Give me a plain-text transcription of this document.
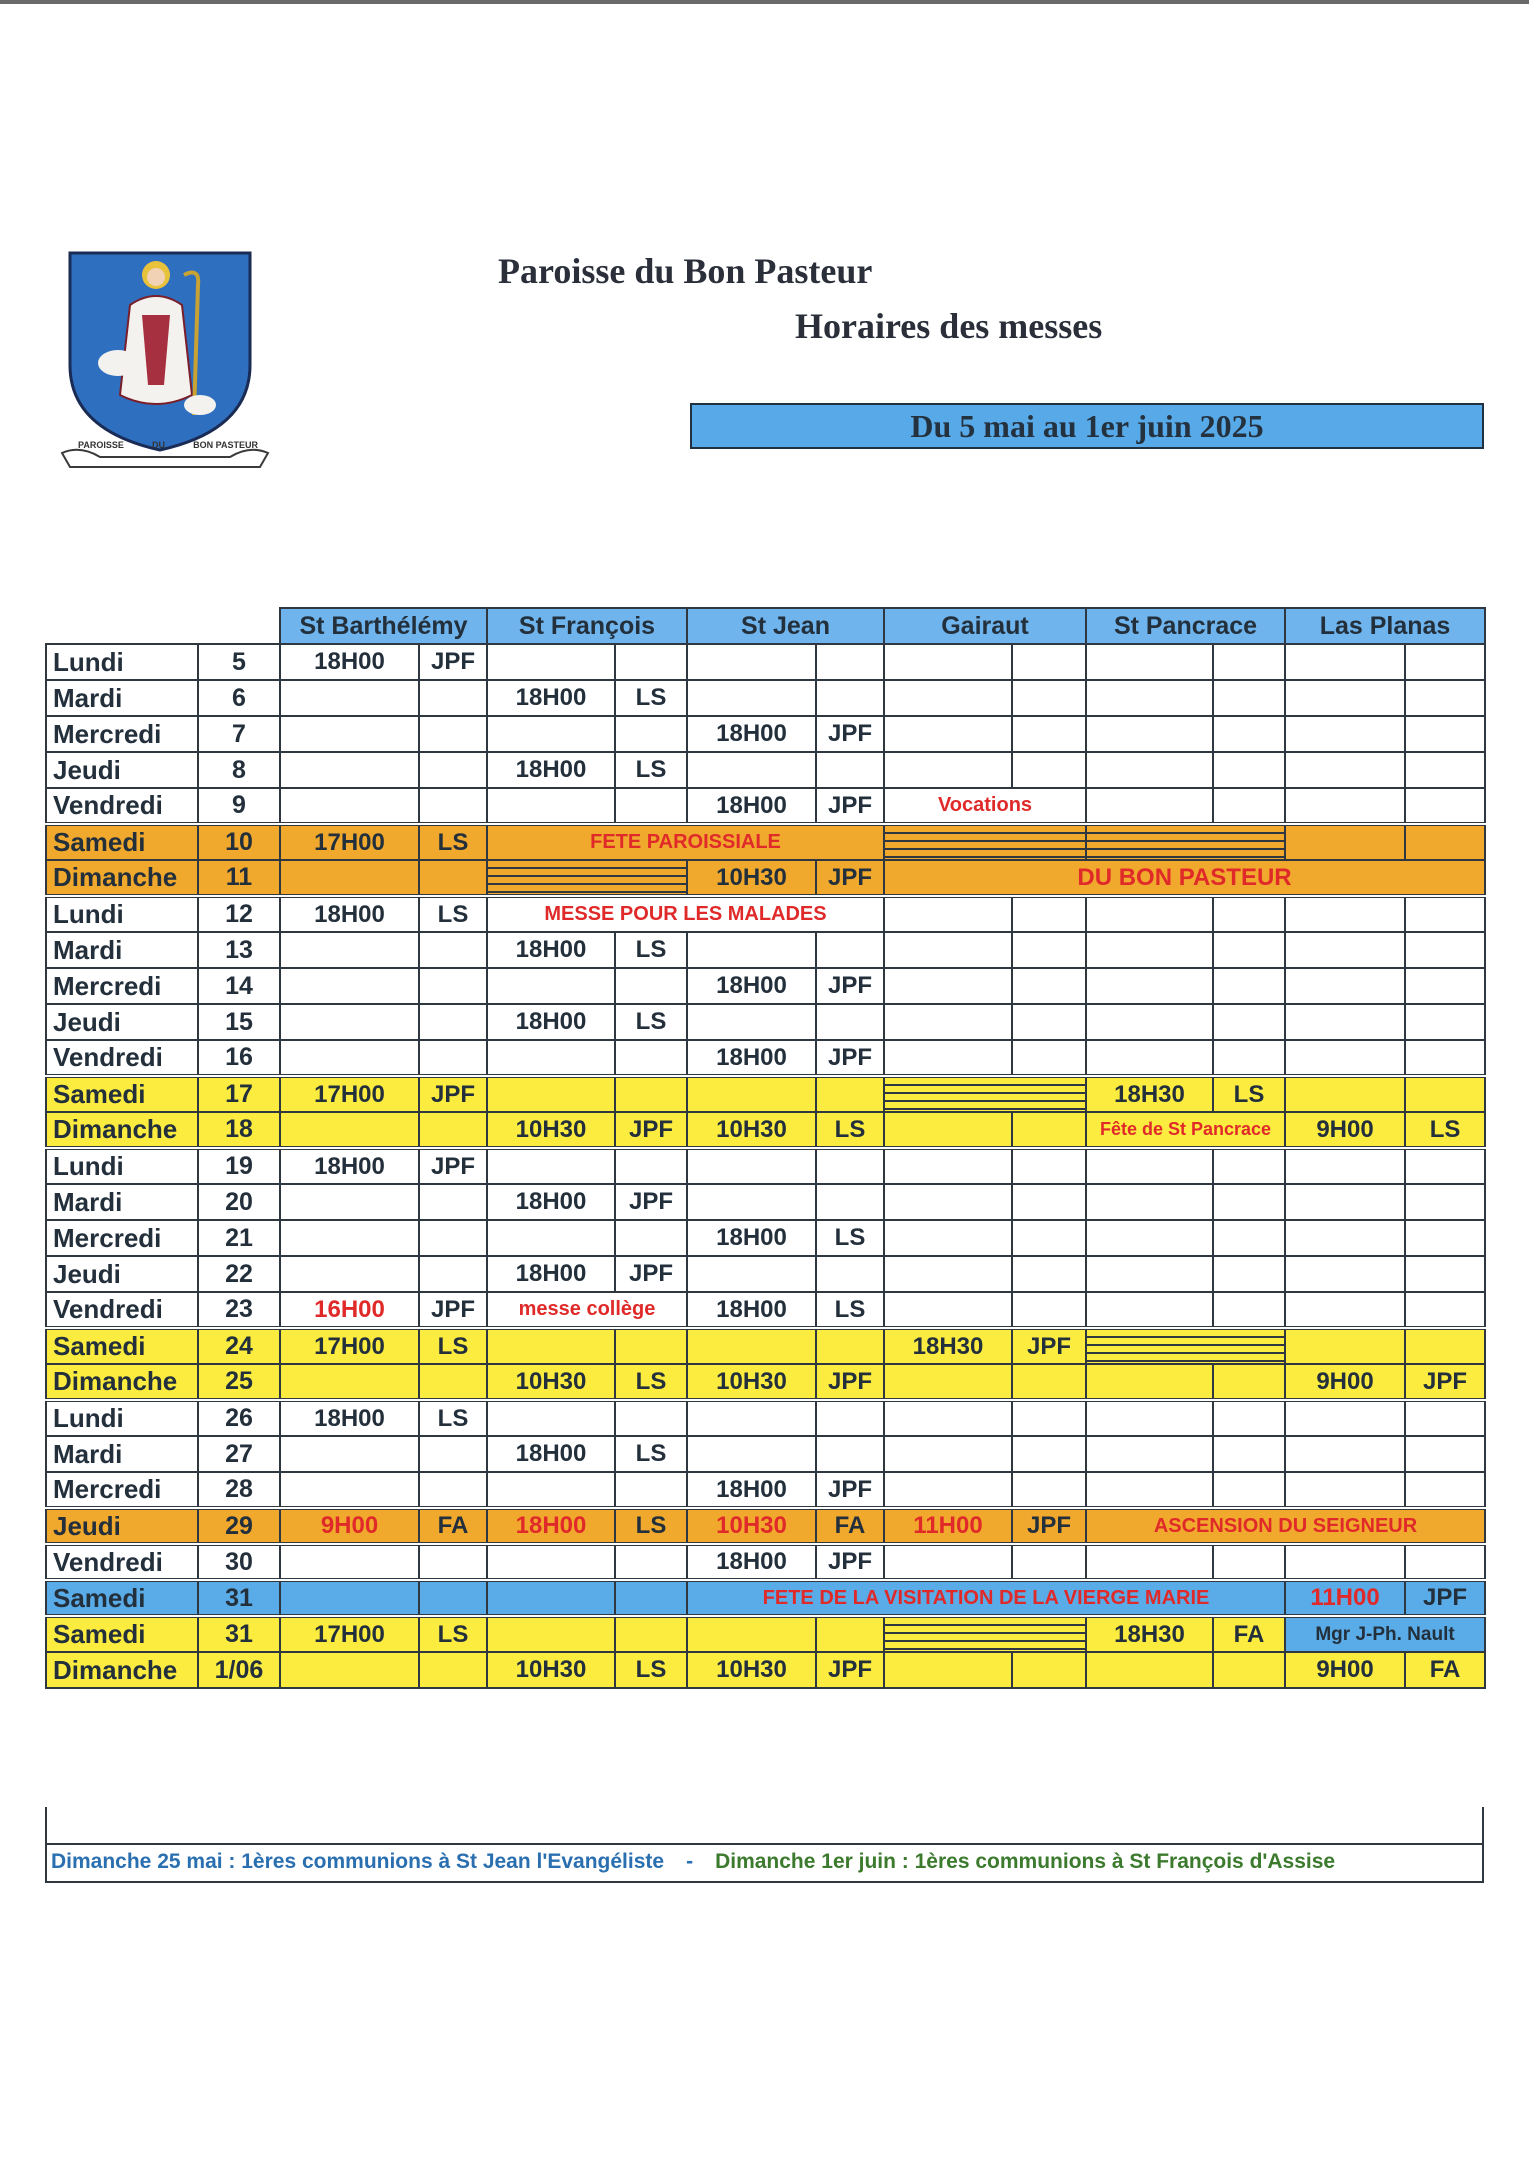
PAROISSE	DU	BON PASTEUR
Paroisse du Bon Pasteur
Horaires des messes
Du 5 mai au 1er juin 2025
		St Barthélémy		St François		St Jean		Gairaut		St Pancrace		Las Planas	
Lundi	5	18H00	JPF										
Mardi	6			18H00	LS								
Mercredi	7					18H00	JPF						
Jeudi	8			18H00	LS								
Vendredi	9					18H00	JPF	Vocations					
Samedi	10	17H00	LS	FETE PAROISSIALE									
Dimanche	11					10H30	JPF	DU BON PASTEUR					
Lundi	12	18H00	LS	MESSE POUR LES MALADES									
Mardi	13			18H00	LS								
Mercredi	14					18H00	JPF						
Jeudi	15			18H00	LS								
Vendredi	16					18H00	JPF						
Samedi	17	17H00	JPF							18H30	LS		
Dimanche	18			10H30	JPF	10H30	LS			Fête de St Pancrace		9H00	LS
Lundi	19	18H00	JPF										
Mardi	20			18H00	JPF								
Mercredi	21					18H00	LS						
Jeudi	22			18H00	JPF								
Vendredi	23	16H00	JPF	messe collège		18H00	LS						
Samedi	24	17H00	LS					18H30	JPF				
Dimanche	25			10H30	LS	10H30	JPF					9H00	JPF
Lundi	26	18H00	LS										
Mardi	27			18H00	LS								
Mercredi	28					18H00	JPF						
Jeudi	29	9H00	FA	18H00	LS	10H30	FA	11H00	JPF	ASCENSION DU SEIGNEUR			
Vendredi	30					18H00	JPF						
Samedi	31					FETE DE LA VISITATION DE LA VIERGE MARIE						11H00	JPF
Samedi	31	17H00	LS							18H30	FA	Mgr J-Ph. Nault	
Dimanche	1/06			10H30	LS	10H30	JPF					9H00	FA
Dimanche 25 mai : 1ères communions à St Jean l'Evangéliste - Dimanche 1er juin : 1ères communions à St François d'Assise
